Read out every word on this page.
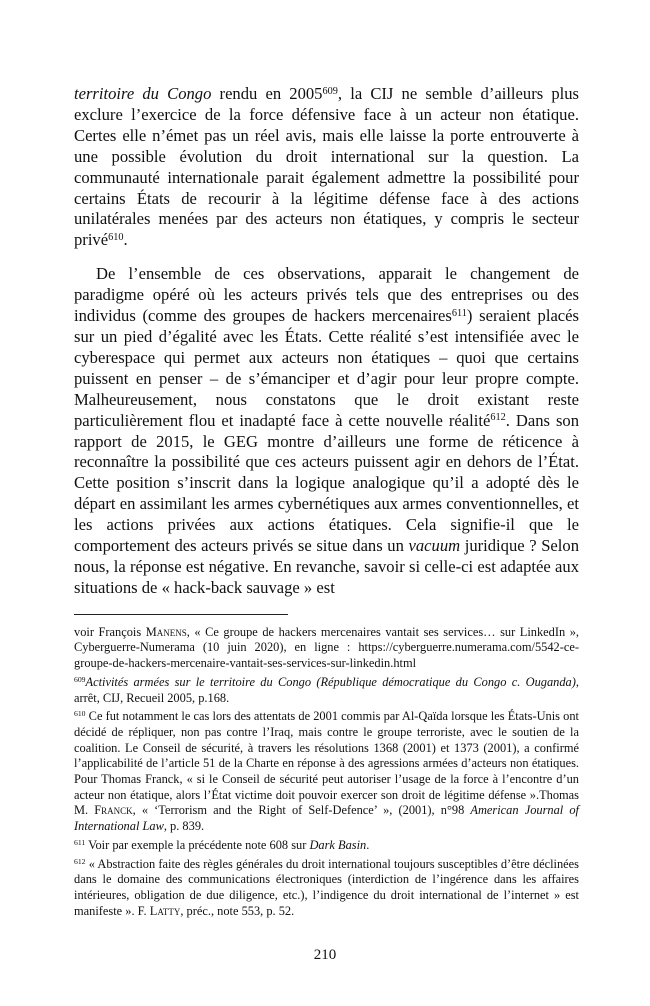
territoire du Congo rendu en 2005$^{609}$, la CIJ ne semble d’ailleurs plus exclure l’exercice de la force défensive face à un acteur non étatique. Certes elle n’émet pas un réel avis, mais elle laisse la porte entrouverte à une possible évolution du droit international sur la question. La communauté internationale parait également admettre la possibilité pour certains États de recourir à la légitime défense face à des actions unilatérales menées par des acteurs non étatiques, y compris le secteur privé$^{610}$.

De l’ensemble de ces observations, apparait le changement de paradigme opéré où les acteurs privés tels que des entreprises ou des individus (comme des groupes de hackers mercenaires$^{611}$) seraient placés sur un pied d’égalité avec les États. Cette réalité s’est intensifiée avec le cyberespace qui permet aux acteurs non étatiques – quoi que certains puissent en penser – de s’émanciper et d’agir pour leur propre compte. Malheureusement, nous constatons que le droit existant reste particulièrement flou et inadapté face à cette nouvelle réalité$^{612}$. Dans son rapport de 2015, le GEG montre d’ailleurs une forme de réticence à reconnaître la possibilité que ces acteurs puissent agir en dehors de l’État. Cette position s’inscrit dans la logique analogique qu’il a adopté dès le départ en assimilant les armes cybernétiques aux armes conventionnelles, et les actions privées aux actions étatiques. Cela signifie-il que le comportement des acteurs privés se situe dans un vacuum juridique ? Selon nous, la réponse est négative. En revanche, savoir si celle-ci est adaptée aux situations de « hack-back sauvage » est

voir François Manens, « Ce groupe de hackers mercenaires vantait ses services… sur LinkedIn », Cyberguerre-Numerama (10 juin 2020), en ligne : https://cyberguerre.numerama.com/5542-ce-groupe-de-hackers-mercenaire-vantait-ses-services-sur-linkedin.html

$^{609}$Activités armées sur le territoire du Congo (République démocratique du Congo c. Ouganda), arrêt, CIJ, Recueil 2005, p.168.

$^{610}$ Ce fut notamment le cas lors des attentats de 2001 commis par Al-Qaïda lorsque les États-Unis ont décidé de répliquer, non pas contre l’Iraq, mais contre le groupe terroriste, avec le soutien de la coalition. Le Conseil de sécurité, à travers les résolutions 1368 (2001) et 1373 (2001), a confirmé l’applicabilité de l’article 51 de la Charte en réponse à des agressions armées d’acteurs non étatiques. Pour Thomas Franck, « si le Conseil de sécurité peut autoriser l’usage de la force à l’encontre d’un acteur non étatique, alors l’État victime doit pouvoir exercer son droit de légitime défense ».Thomas M. Franck, « ‘Terrorism and the Right of Self-Defence’ », (2001), n°98 American Journal of International Law, p. 839.

$^{611}$ Voir par exemple la précédente note 608 sur Dark Basin.

$^{612}$ « Abstraction faite des règles générales du droit international toujours susceptibles d’être déclinées dans le domaine des communications électroniques (interdiction de l’ingérence dans les affaires intérieures, obligation de due diligence, etc.), l’indigence du droit international de l’internet » est manifeste ». F. Latty, préc., note 553, p. 52.

210
